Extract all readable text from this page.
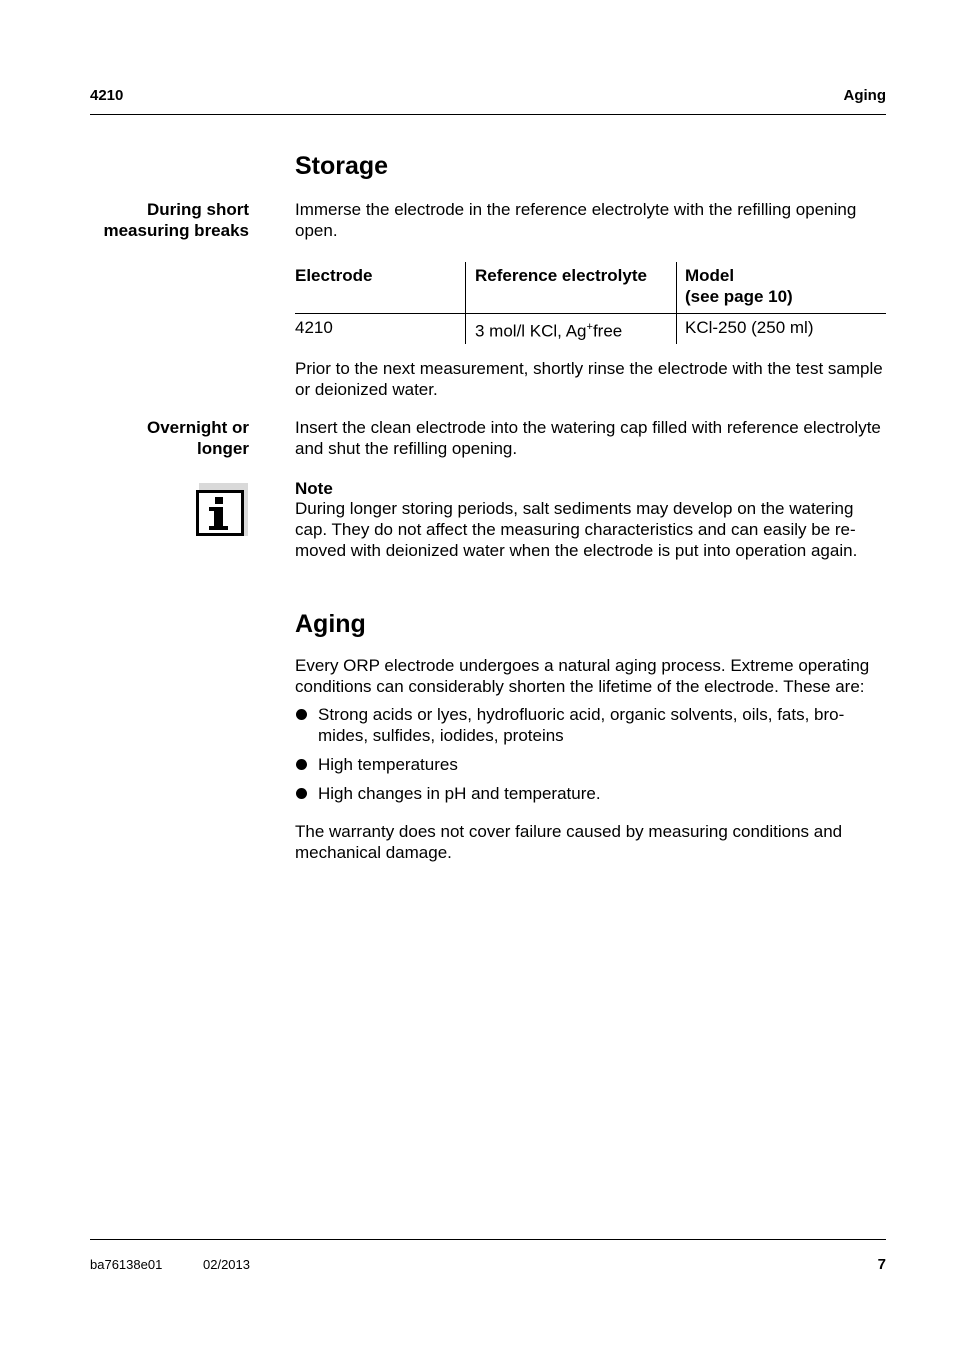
4210	Aging
Storage
During short
measuring breaks
Immerse the electrode in the reference electrolyte with the refilling opening open.
Electrode	Reference electrolyte	Model
(see page 10)

4210	3 mol/l KCl, Ag+free	KCl-250 (250 ml)
Prior to the next measurement, shortly rinse the electrode with the test sample or deionized water.
Overnight or
longer
Insert the clean electrode into the watering cap filled with reference electrolyte and shut the refilling opening.
Note
During longer storing periods, salt sediments may develop on the watering cap. They do not affect the measuring characteristics and can easily be re-moved with deionized water when the electrode is put into operation again.
Aging
Every ORP electrode undergoes a natural aging process. Extreme operating conditions can considerably shorten the lifetime of the electrode. These are:
Strong acids or lyes, hydrofluoric acid, organic solvents, oils, fats, bro-mides, sulfides, iodides, proteins
High temperatures
High changes in pH and temperature.
The warranty does not cover failure caused by measuring conditions and mechanical damage.
ba76138e01	02/2013	7
